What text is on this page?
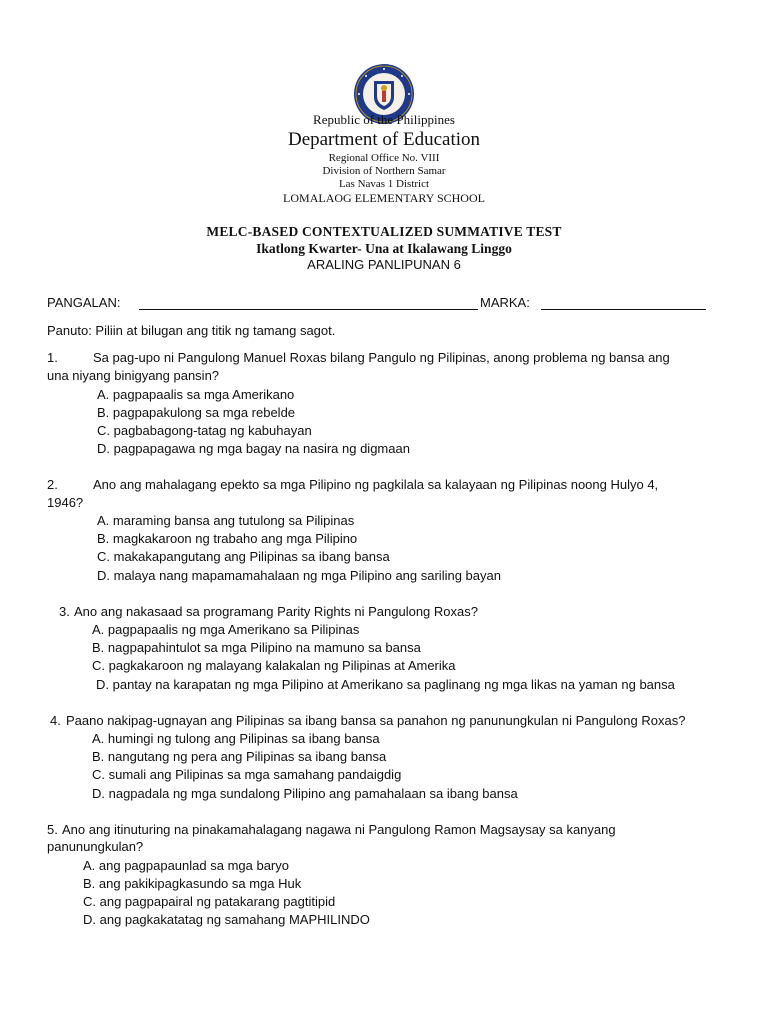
Republic of the Philippines
Department of Education
Regional Office No. VIII
Division of Northern Samar
Las Navas 1 District
LOMALAOG ELEMENTARY SCHOOL
MELC-BASED CONTEXTUALIZED SUMMATIVE TEST
Ikatlong Kwarter- Una at Ikalawang Linggo
ARALING PANLIPUNAN 6
PANGALAN:	MARKA:
Panuto: Piliin at bilugan ang titik ng tamang sagot.
1.	Sa pag-upo ni Pangulong Manuel Roxas bilang Pangulo ng Pilipinas, anong problema ng bansa ang
una niyang binigyang pansin?
A. pagpapaalis sa mga Amerikano
B. pagpapakulong sa mga rebelde
C. pagbabagong-tatag ng kabuhayan
D. pagpapagawa ng mga bagay na nasira ng digmaan
2.	Ano ang mahalagang epekto sa mga Pilipino ng pagkilala sa kalayaan ng Pilipinas noong Hulyo 4,
1946?
A. maraming bansa ang tutulong sa Pilipinas
B. magkakaroon ng trabaho ang mga Pilipino
C. makakapangutang ang Pilipinas sa ibang bansa
D. malaya nang mapamamahalaan ng mga Pilipino ang sariling bayan
3. Ano ang nakasaad sa programang Parity Rights ni Pangulong Roxas?
A. pagpapaalis ng mga Amerikano sa Pilipinas
B. nagpapahintulot sa mga Pilipino na mamuno sa bansa
C. pagkakaroon ng malayang kalakalan ng Pilipinas at Amerika
D. pantay na karapatan ng mga Pilipino at Amerikano sa paglinang ng mga likas na yaman ng bansa
4. Paano nakipag-ugnayan ang Pilipinas sa ibang bansa sa panahon ng panunungkulan ni Pangulong Roxas?
A. humingi ng tulong ang Pilipinas sa ibang bansa
B. nangutang ng pera ang Pilipinas sa ibang bansa
C. sumali ang Pilipinas sa mga samahang pandaigdig
D. nagpadala ng mga sundalong Pilipino ang pamahalaan sa ibang bansa
5. Ano ang itinuturing na pinakamahalagang nagawa ni Pangulong Ramon Magsaysay sa kanyang
panunungkulan?
A. ang pagpapaunlad sa mga baryo
B. ang pakikipagkasundo sa mga Huk
C. ang pagpapairal ng patakarang pagtitipid
D. ang pagkakatatag ng samahang MAPHILINDO
